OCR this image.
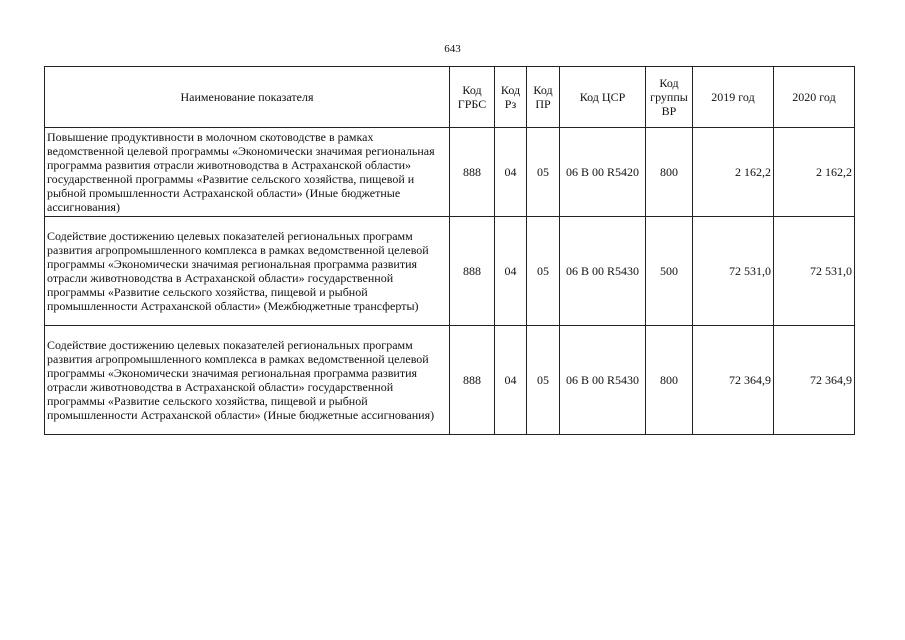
643
Наименование показателя	Код ГРБС	Код Рз	Код ПР	Код ЦСР	Код группы ВР	2019 год	2020 год
Повышение продуктивности в молочном скотоводстве в рамках ведомственной целевой программы «Экономически значимая региональная программа развития отрасли животноводства в Астраханской области» государственной программы «Развитие сельского хозяйства, пищевой и рыбной промышленности Астраханской области» (Иные бюджетные ассигнования)	888	04	05	06 В 00 R5420	800	2 162,2	2 162,2
Содействие достижению целевых показателей региональных программ развития агропромышленного комплекса в рамках ведомственной целевой программы «Экономически значимая региональная программа развития отрасли животноводства в Астраханской области» государственной программы «Развитие сельского хозяйства, пищевой и рыбной промышленности Астраханской области» (Межбюджетные трансферты)	888	04	05	06 В 00 R5430	500	72 531,0	72 531,0
Содействие достижению целевых показателей региональных программ развития агропромышленного комплекса в рамках ведомственной целевой программы «Экономически значимая региональная программа развития отрасли животноводства в Астраханской области» государственной программы «Развитие сельского хозяйства, пищевой и рыбной промышленности Астраханской области» (Иные бюджетные ассигнования)	888	04	05	06 В 00 R5430	800	72 364,9	72 364,9
